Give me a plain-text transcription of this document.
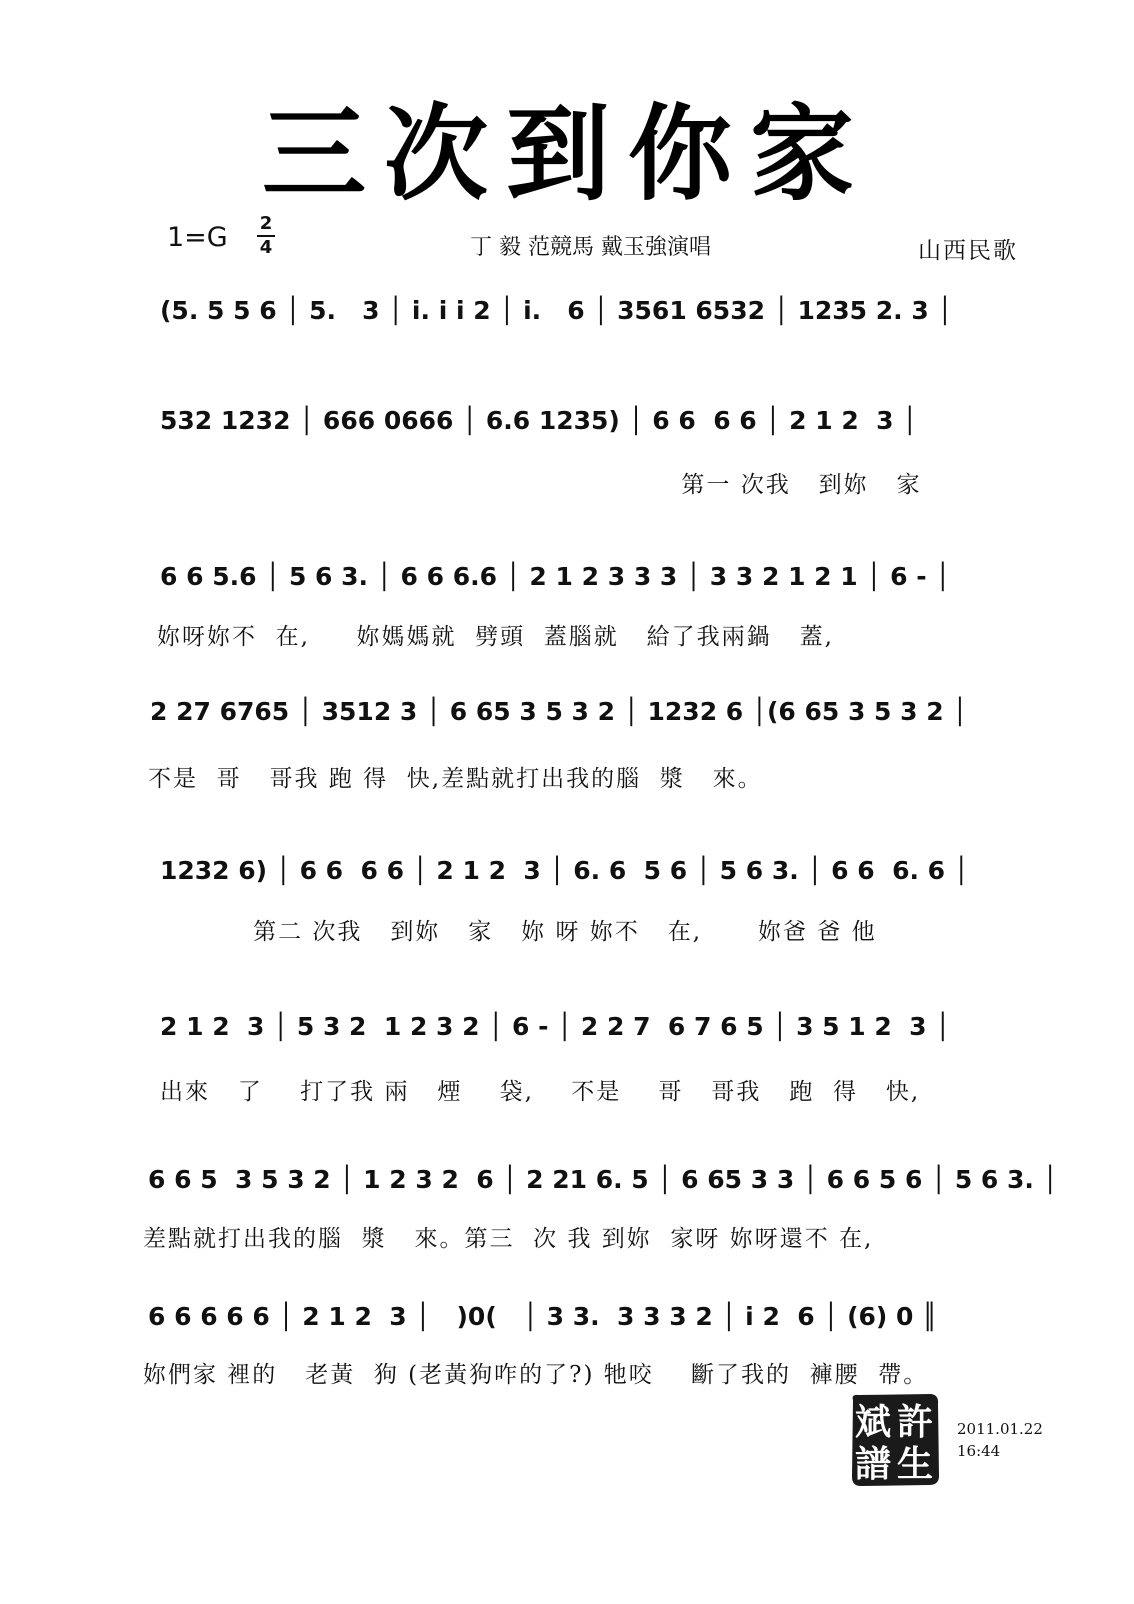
三次到你家
1=G 2
4	丁 毅 范競馬 戴玉強演唱	山西民歌
(5. 5 5 6 │ 5.   3 │ i. i i 2 │ i.   6 │ 3561 6532 │ 1235 2. 3 │
532 1232 │ 666 0666 │ 6.6 1235) │ 6 6  6 6 │ 2 1 2  3 │
第一 次我   到妳   家
6 6 5.6 │ 5 6 3. │ 6 6 6.6 │ 2 1 2 3 3 3 │ 3 3 2 1 2 1 │ 6 - │
妳呀妳不  在,     妳媽媽就  劈頭  蓋腦就   給了我兩鍋   蓋,
2 27 6765 │ 3512 3 │ 6 65 3 5 3 2 │ 1232 6 │(6 65 3 5 3 2 │
不是  哥   哥我 跑 得  快,差點就打出我的腦  漿   來。
1232 6) │ 6 6  6 6 │ 2 1 2  3 │ 6. 6  5 6 │ 5 6 3. │ 6 6  6. 6 │
第二 次我   到妳   家   妳 呀 妳不   在,      妳爸 爸 他
2 1 2  3 │ 5 3 2  1 2 3 2 │ 6 - │ 2 2 7  6 7 6 5 │ 3 5 1 2  3 │
出來   了    打了我 兩   煙    袋,    不是    哥   哥我   跑  得   快,
6 6 5  3 5 3 2 │ 1 2 3 2  6 │ 2 21 6. 5 │ 6 65 3 3 │ 6 6 5 6 │ 5 6 3. │
差點就打出我的腦  漿   來。第三  次 我 到妳  家呀 妳呀還不 在,
6 6 6 6 6 │ 2 1 2  3 │   )0(   │ 3 3.  3 3 3 2 │ i 2  6 │ (6) 0 ║
妳們家 裡的   老黃  狗 (老黃狗咋的了?) 牠咬    斷了我的  褲腰  帶。
許
生
斌
譜
2011.01.22
16:44
